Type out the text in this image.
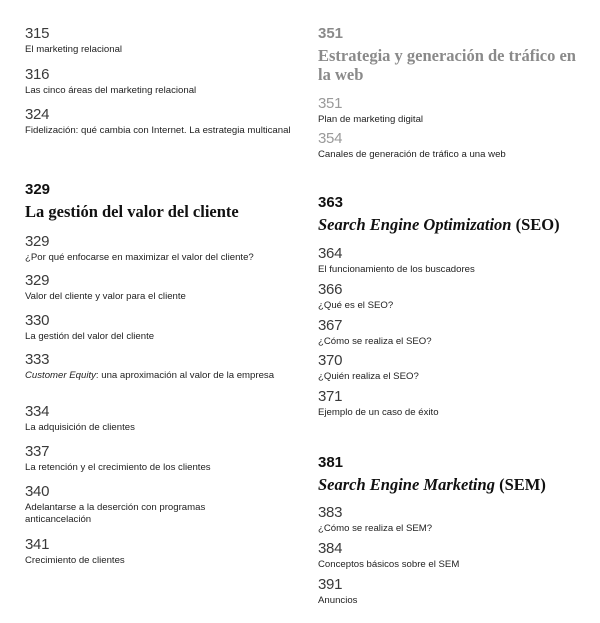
315
El marketing relacional
316
Las cinco áreas del marketing relacional
324
Fidelización: qué cambia con Internet. La estrategia multicanal
329
La gestión del valor del cliente
329
¿Por qué enfocarse en maximizar el valor del cliente?
329
Valor del cliente y valor para el cliente
330
La gestión del valor del cliente
333
Customer Equity: una aproximación al valor de la empresa
334
La adquisición de clientes
337
La retención y el crecimiento de los clientes
340
Adelantarse a la deserción con programas anticancelación
341
Crecimiento de clientes
351
Estrategia y generación de tráfico en la web
351
Plan de marketing digital
354
Canales de generación de tráfico a una web
363
Search Engine Optimization (SEO)
364
El funcionamiento de los buscadores
366
¿Qué es el SEO?
367
¿Cómo se realiza el SEO?
370
¿Quién realiza el SEO?
371
Ejemplo de un caso de éxito
381
Search Engine Marketing (SEM)
383
¿Cómo se realiza el SEM?
384
Conceptos básicos sobre el SEM
391
Anuncios
